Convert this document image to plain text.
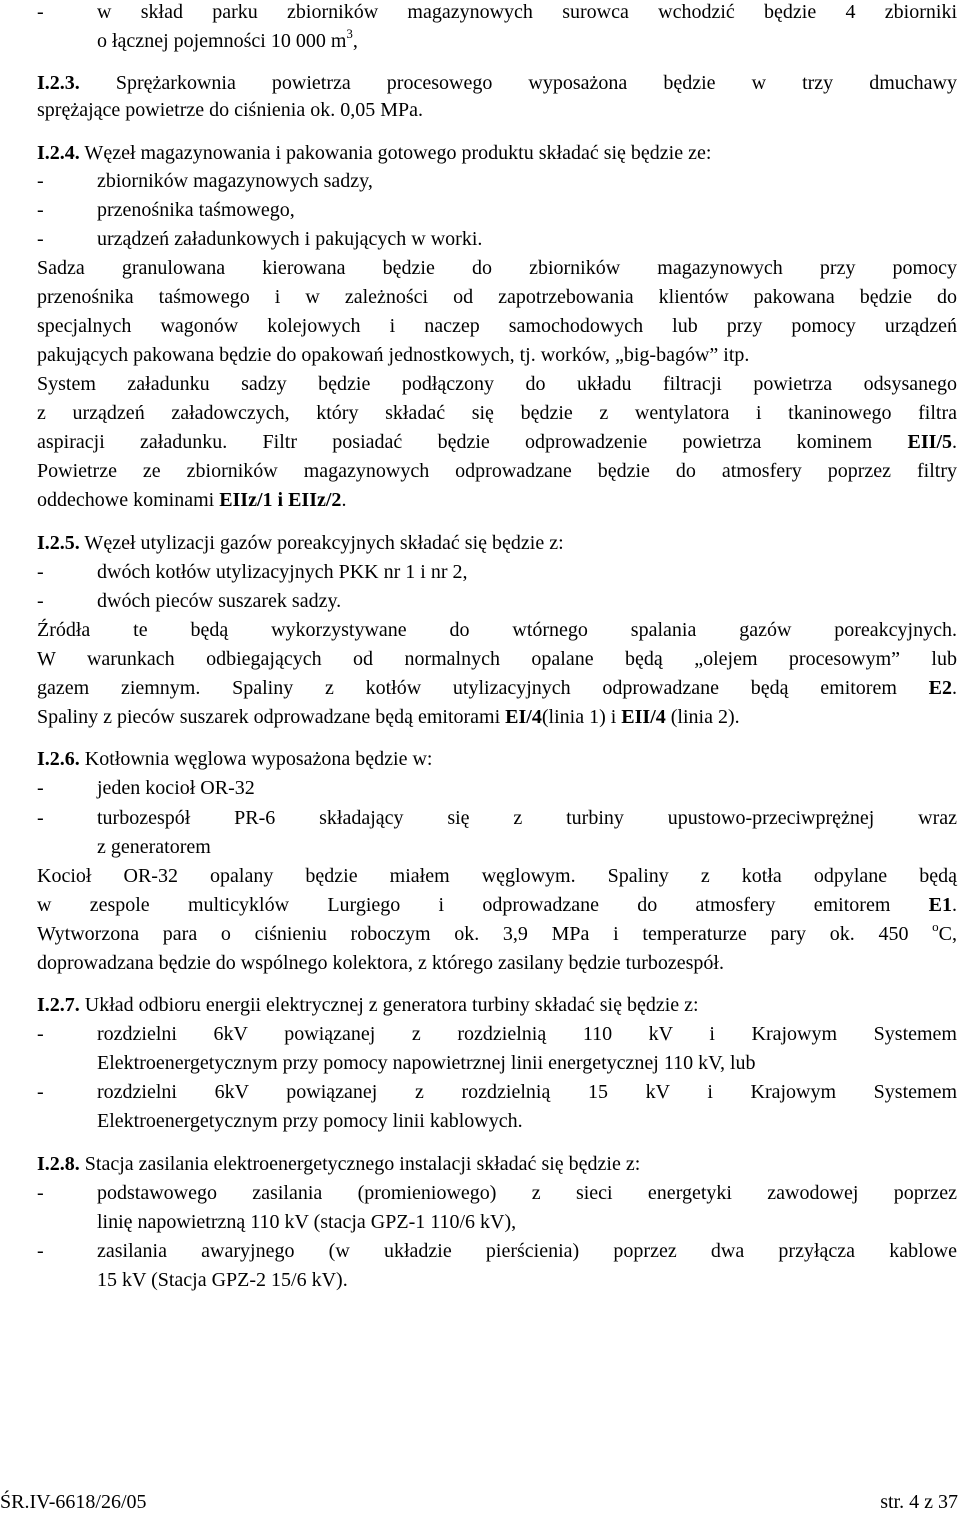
-	w skład parku zbiorników magazynowych surowca wchodzić będzie 4 zbiorniki
o łącznej pojemności 10 000 $m^3$,
I.2.3. Sprężarkownia powietrza procesowego wyposażona będzie w trzy dmuchawy
sprężające powietrze do ciśnienia ok. 0,05 MPa.
I.2.4. Węzeł magazynowania i pakowania gotowego produktu składać się będzie ze:
-	zbiorników magazynowych sadzy,
-	przenośnika taśmowego,
-	urządzeń załadunkowych i pakujących w worki.
Sadza granulowana kierowana będzie do zbiorników magazynowych przy pomocy
przenośnika taśmowego i w zależności od zapotrzebowania klientów pakowana będzie do
specjalnych wagonów kolejowych i naczep samochodowych lub przy pomocy urządzeń
pakujących pakowana będzie do opakowań jednostkowych, tj. worków, „big-bagów” itp.
System załadunku sadzy będzie podłączony do układu filtracji powietrza odsysanego
z urządzeń załadowczych, który składać się będzie z wentylatora i tkaninowego filtra
aspiracji załadunku. Filtr posiadać będzie odprowadzenie powietrza kominem EII/5.
Powietrze ze zbiorników magazynowych odprowadzane będzie do atmosfery poprzez filtry
oddechowe kominami EIIz/1 i EIIz/2.
I.2.5. Węzeł utylizacji gazów poreakcyjnych składać się będzie z:
-	dwóch kotłów utylizacyjnych PKK nr 1 i nr 2,
-	dwóch pieców suszarek sadzy.
Źródła te będą wykorzystywane do wtórnego spalania gazów poreakcyjnych.
W warunkach odbiegających od normalnych opalane będą „olejem procesowym” lub
gazem ziemnym. Spaliny z kotłów utylizacyjnych odprowadzane będą emitorem E2.
Spaliny z pieców suszarek odprowadzane będą emitorami EI/4(linia 1) i EII/4 (linia 2).
I.2.6. Kotłownia węglowa wyposażona będzie w:
-	jeden kocioł OR-32
-	turbozespół PR-6 składający się z turbiny upustowo-przeciwprężnej wraz
z generatorem
Kocioł OR-32 opalany będzie miałem węglowym. Spaliny z kotła odpylane będą
w zespole multicyklów Lurgiego i odprowadzane do atmosfery emitorem E1.
Wytworzona para o ciśnieniu roboczym ok. 3,9 MPa i temperaturze pary ok. 450 $^o$C,
doprowadzana będzie do wspólnego kolektora, z którego zasilany będzie turbozespół.
I.2.7. Układ odbioru energii elektrycznej z generatora turbiny składać się będzie z:
-	rozdzielni 6kV powiązanej z rozdzielnią 110 kV i Krajowym Systemem
Elektroenergetycznym przy pomocy napowietrznej linii energetycznej 110 kV, lub
-	rozdzielni 6kV powiązanej z rozdzielnią 15 kV i Krajowym Systemem
Elektroenergetycznym przy pomocy linii kablowych.
I.2.8. Stacja zasilania elektroenergetycznego instalacji składać się będzie z:
-	podstawowego zasilania (promieniowego) z sieci energetyki zawodowej poprzez
linię napowietrzną 110 kV (stacja GPZ-1 110/6 kV),
-	zasilania awaryjnego (w układzie pierścienia) poprzez dwa przyłącza kablowe
15 kV (Stacja GPZ-2 15/6 kV).
ŚR.IV-6618/26/05	str. 4 z 37
